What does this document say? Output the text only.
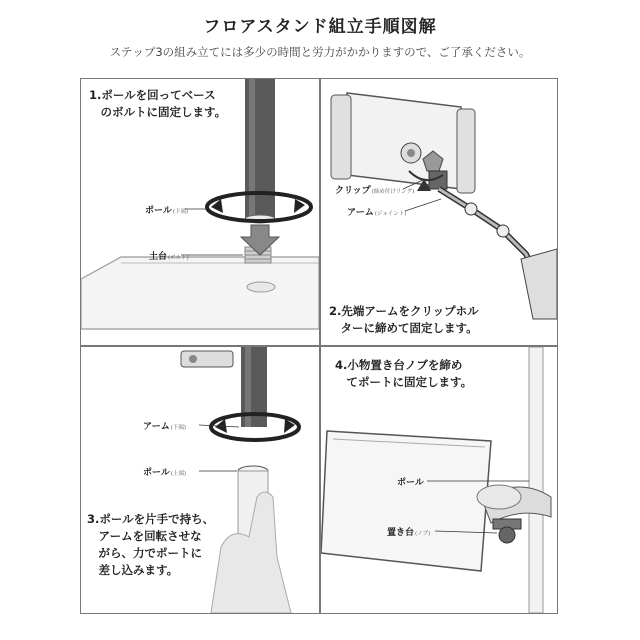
フロアスタンド組立手順図解
ステップ3の組み立てには多少の時間と労力がかかりますので、ご了承ください。
1.ポールを回ってベース
　のボルトに固定します。
ポール(下端)
土台(ボルト)
2.先端アームをクリップホル
　ターに締めて固定します。
クリップ(締め付けリング)
アーム(ジョイント)
3.ポールを片手で持ち、
　アームを回転させな
　がら、力でポートに
　差し込みます。
アーム(下端)
ポール(上端)
4.小物置き台ノブを締め
　てポートに固定します。
ポール
置き台(ノブ)
